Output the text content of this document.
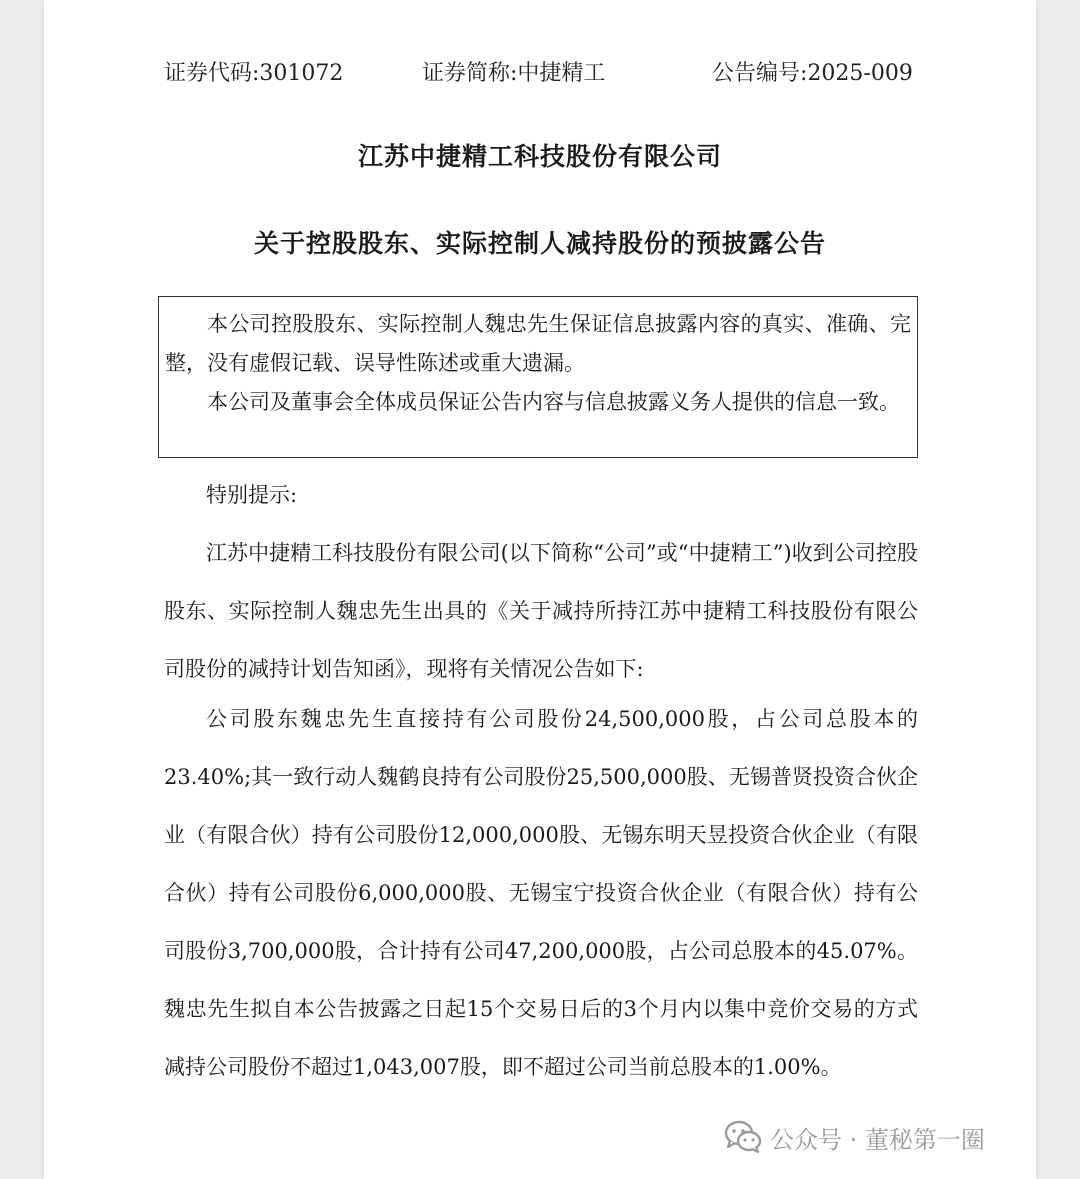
证券代码:301072	证券简称:中捷精工	公告编号:2025-009
江苏中捷精工科技股份有限公司
关于控股股东、实际控制人减持股份的预披露公告

本公司控股股东、实际控制人魏忠先生保证信息披露内容的真实、准确、完整，没有虚假记载、误导性陈述或重大遗漏。

本公司及董事会全体成员保证公告内容与信息披露义务人提供的信息一致。

特别提示:

江苏中捷精工科技股份有限公司(以下简称“公司”或“中捷精工”)收到公司控股股东、实际控制人魏忠先生出具的《关于减持所持江苏中捷精工科技股份有限公司股份的减持计划告知函》，现将有关情况公告如下:

公司股东魏忠先生直接持有公司股份24,500,000股，占公司总股本的23.40%;其一致行动人魏鹤良持有公司股份25,500,000股、无锡普贤投资合伙企业（有限合伙）持有公司股份12,000,000股、无锡东明天昱投资合伙企业（有限合伙）持有公司股份6,000,000股、无锡宝宁投资合伙企业（有限合伙）持有公司股份3,700,000股，合计持有公司47,200,000股，占公司总股本的45.07%。魏忠先生拟自本公告披露之日起15个交易日后的3个月内以集中竞价交易的方式减持公司股份不超过1,043,007股，即不超过公司当前总股本的1.00%。

公众号 · 董秘第一圈
